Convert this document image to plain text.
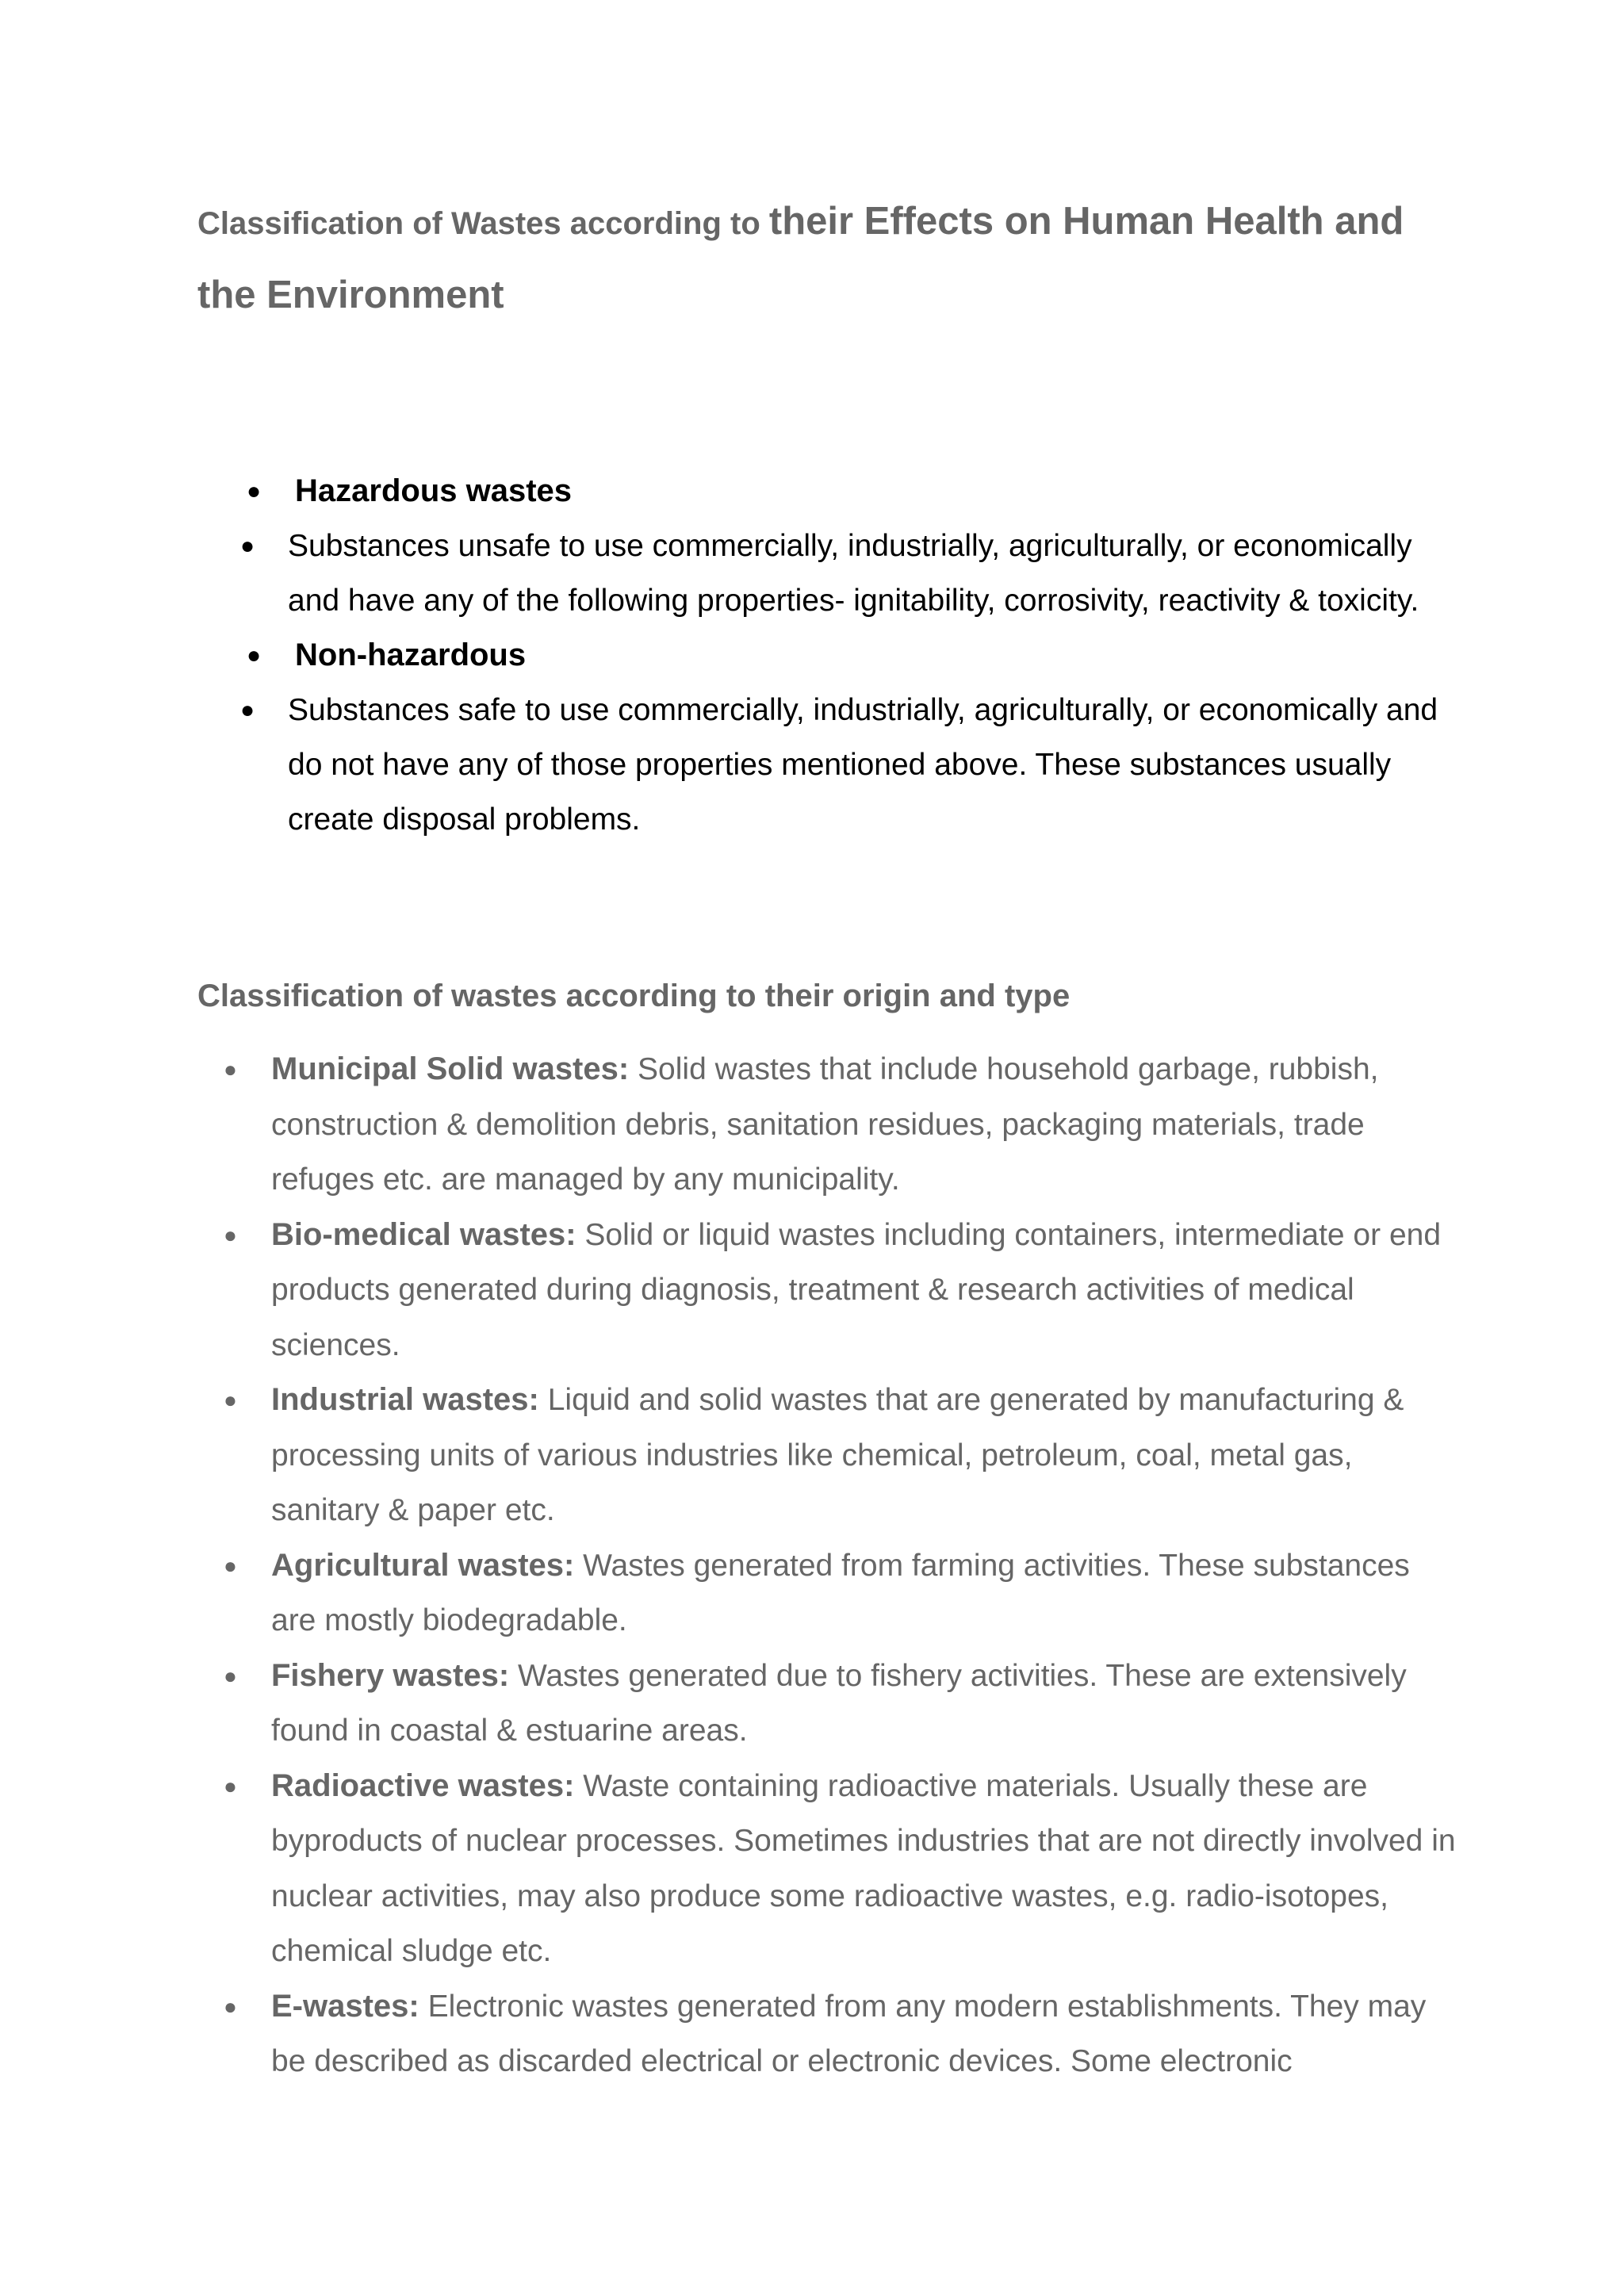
Classification of Wastes according to their Effects on Human Health and the Environment
● Hazardous wastes
● Substances unsafe to use commercially, industrially, agriculturally, or economically and have any of the following properties- ignitability, corrosivity, reactivity & toxicity.
● Non-hazardous
● Substances safe to use commercially, industrially, agriculturally, or economically and do not have any of those properties mentioned above. These substances usually create disposal problems.
Classification of wastes according to their origin and type
● Municipal Solid wastes: Solid wastes that include household garbage, rubbish, construction & demolition debris, sanitation residues, packaging materials, trade refuges etc. are managed by any municipality.
● Bio-medical wastes: Solid or liquid wastes including containers, intermediate or end products generated during diagnosis, treatment & research activities of medical sciences.
● Industrial wastes: Liquid and solid wastes that are generated by manufacturing & processing units of various industries like chemical, petroleum, coal, metal gas, sanitary & paper etc.
● Agricultural wastes: Wastes generated from farming activities. These substances are mostly biodegradable.
● Fishery wastes: Wastes generated due to fishery activities. These are extensively found in coastal & estuarine areas.
● Radioactive wastes: Waste containing radioactive materials. Usually these are byproducts of nuclear processes. Sometimes industries that are not directly involved in nuclear activities, may also produce some radioactive wastes, e.g. radio-isotopes, chemical sludge etc.
● E-wastes: Electronic wastes generated from any modern establishments. They may be described as discarded electrical or electronic devices. Some electronic
